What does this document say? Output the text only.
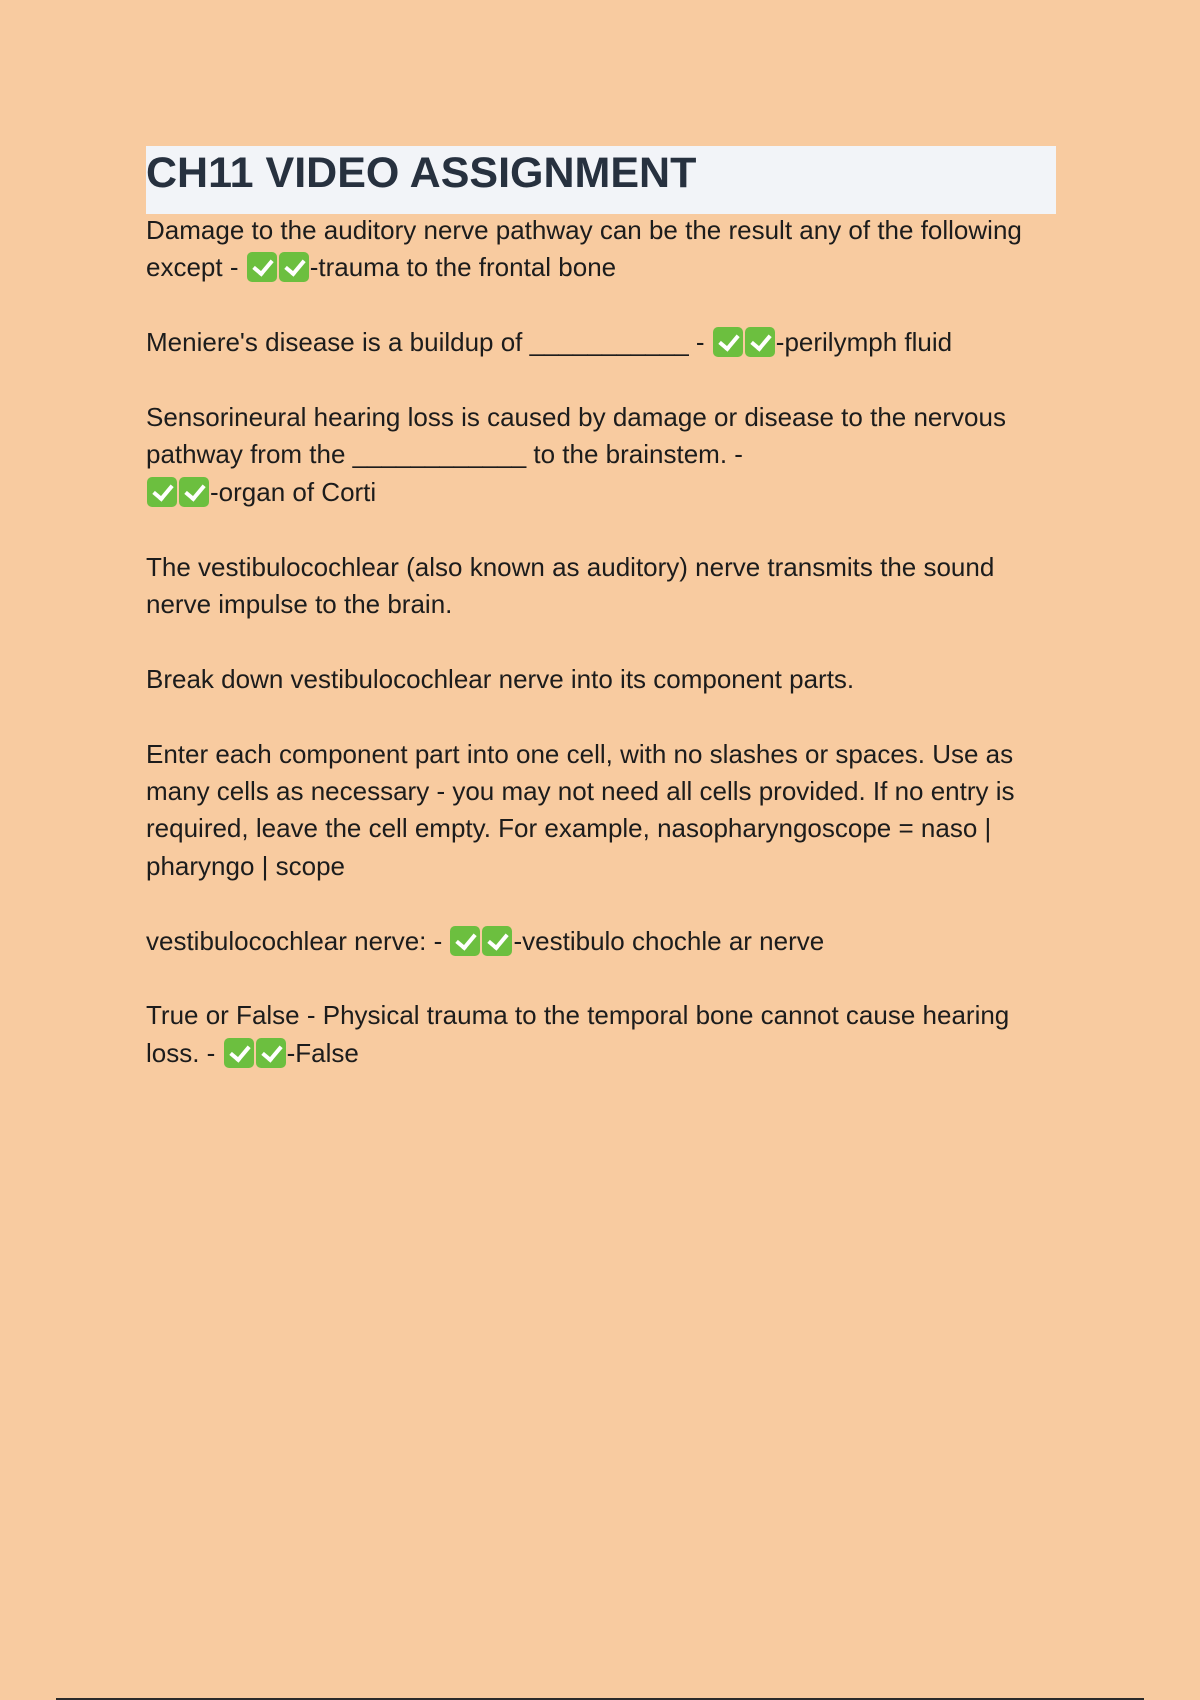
CH11 VIDEO ASSIGNMENT

Damage to the auditory nerve pathway can be the result any of the following except - -trauma to the frontal bone

Meniere's disease is a buildup of ___________ - -perilymph fluid

Sensorineural hearing loss is caused by damage or disease to the nervous pathway from the ____________ to the brainstem. -
-organ of Corti

The vestibulocochlear (also known as auditory) nerve transmits the sound nerve impulse to the brain.

Break down vestibulocochlear nerve into its component parts.

Enter each component part into one cell, with no slashes or spaces. Use as many cells as necessary - you may not need all cells provided. If no entry is required, leave the cell empty. For example, nasopharyngoscope = naso | pharyngo | scope

vestibulocochlear nerve: - -vestibulo chochle ar nerve

True or False - Physical trauma to the temporal bone cannot cause hearing loss. - -False
